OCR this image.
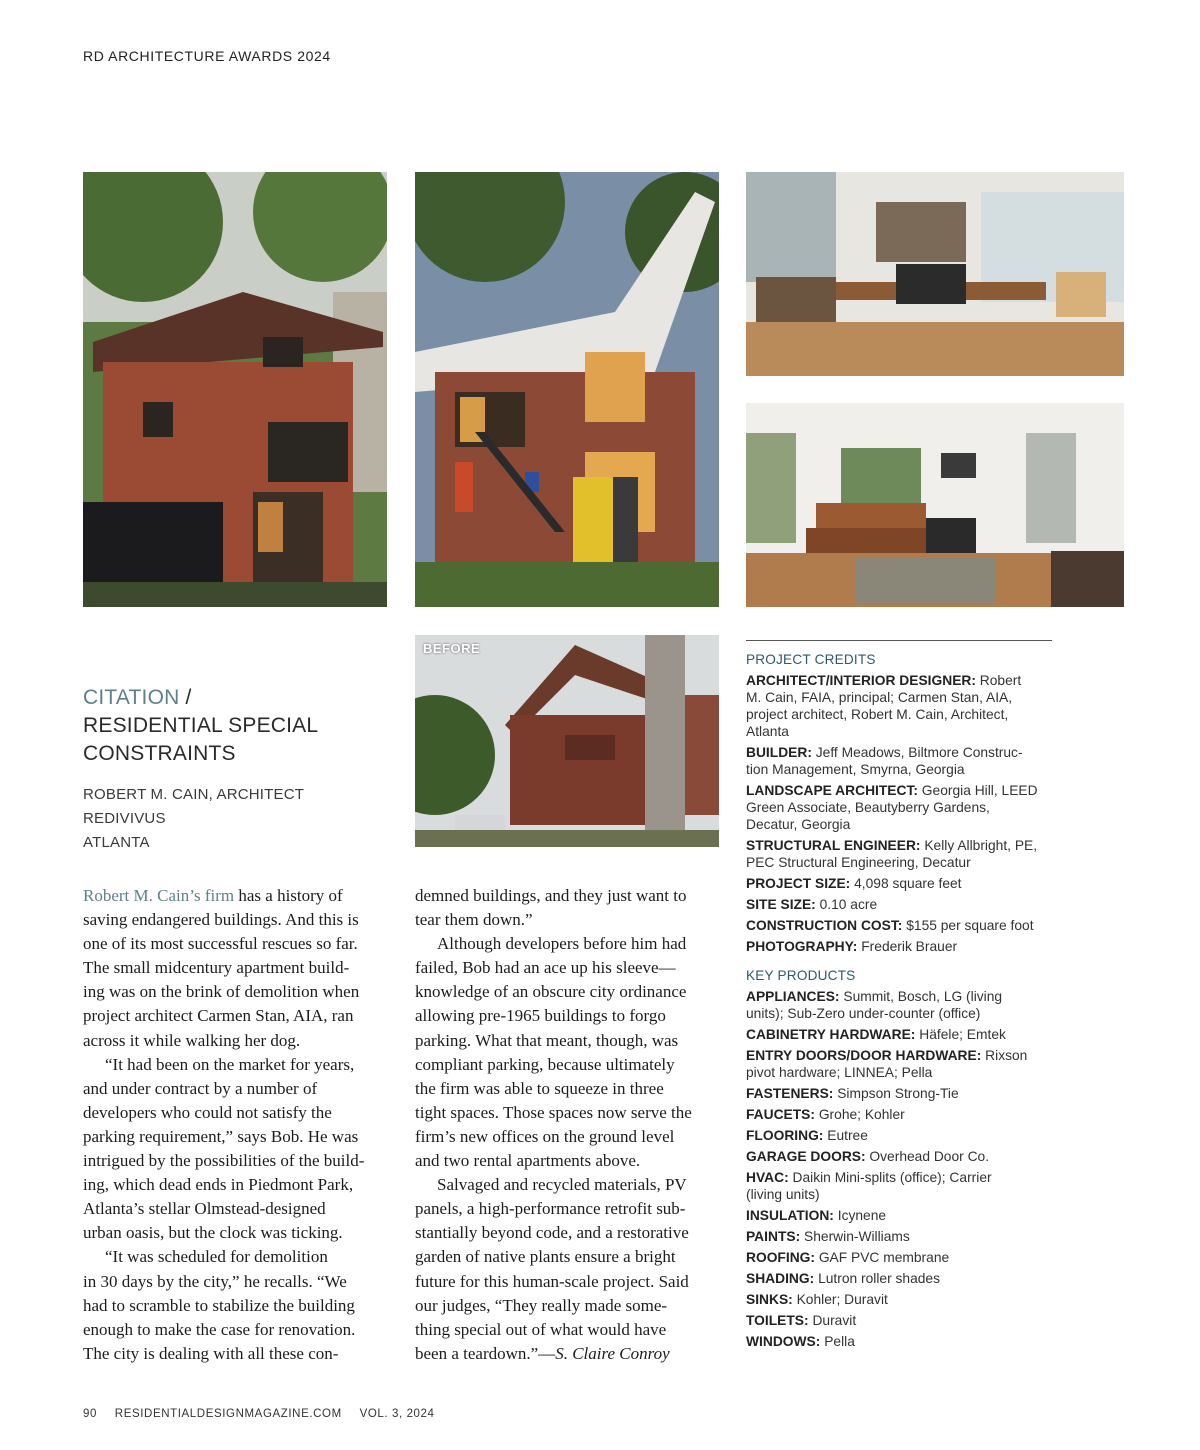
RD ARCHITECTURE AWARDS 2024
BEFORE
CITATION /
RESIDENTIAL SPECIAL
CONSTRAINTS
ROBERT M. CAIN, ARCHITECT
REDIVIVUS
ATLANTA
Robert M. Cain’s firm has a history of
saving endangered buildings. And this is
one of its most successful rescues so far.
The small midcentury apartment build-
ing was on the brink of demolition when
project architect Carmen Stan, AIA, ran
across it while walking her dog.
“It had been on the market for years,
and under contract by a number of
developers who could not satisfy the
parking requirement,” says Bob. He was
intrigued by the possibilities of the build-
ing, which dead ends in Piedmont Park,
Atlanta’s stellar Olmstead-designed
urban oasis, but the clock was ticking.
“It was scheduled for demolition
in 30 days by the city,” he recalls. “We
had to scramble to stabilize the building
enough to make the case for renovation.
The city is dealing with all these con-
demned buildings, and they just want to
tear them down.”
Although developers before him had
failed, Bob had an ace up his sleeve—
knowledge of an obscure city ordinance
allowing pre-1965 buildings to forgo
parking. What that meant, though, was
compliant parking, because ultimately
the firm was able to squeeze in three
tight spaces. Those spaces now serve the
firm’s new offices on the ground level
and two rental apartments above.
Salvaged and recycled materials, PV
panels, a high-performance retrofit sub-
stantially beyond code, and a restorative
garden of native plants ensure a bright
future for this human-scale project. Said
our judges, “They really made some-
thing special out of what would have
been a teardown.”—S. Claire Conroy
PROJECT CREDITS
ARCHITECT/INTERIOR DESIGNER: Robert
M. Cain, FAIA, principal; Carmen Stan, AIA,
project architect, Robert M. Cain, Architect,
Atlanta
BUILDER: Jeff Meadows, Biltmore Construc-
tion Management, Smyrna, Georgia
LANDSCAPE ARCHITECT: Georgia Hill, LEED
Green Associate, Beautyberry Gardens,
Decatur, Georgia
STRUCTURAL ENGINEER: Kelly Allbright, PE,
PEC Structural Engineering, Decatur
PROJECT SIZE: 4,098 square feet
SITE SIZE: 0.10 acre
CONSTRUCTION COST: $155 per square foot
PHOTOGRAPHY: Frederik Brauer
KEY PRODUCTS
APPLIANCES: Summit, Bosch, LG (living
units); Sub-Zero under-counter (office)
CABINETRY HARDWARE: Häfele; Emtek
ENTRY DOORS/DOOR HARDWARE: Rixson
pivot hardware; LINNEA; Pella
FASTENERS: Simpson Strong-Tie
FAUCETS: Grohe; Kohler
FLOORING: Eutree
GARAGE DOORS: Overhead Door Co.
HVAC: Daikin Mini-splits (office); Carrier
(living units)
INSULATION: Icynene
PAINTS: Sherwin-Williams
ROOFING: GAF PVC membrane
SHADING: Lutron roller shades
SINKS: Kohler; Duravit
TOILETS: Duravit
WINDOWS: Pella
90 RESIDENTIALDESIGNMAGAZINE.COM VOL. 3, 2024
